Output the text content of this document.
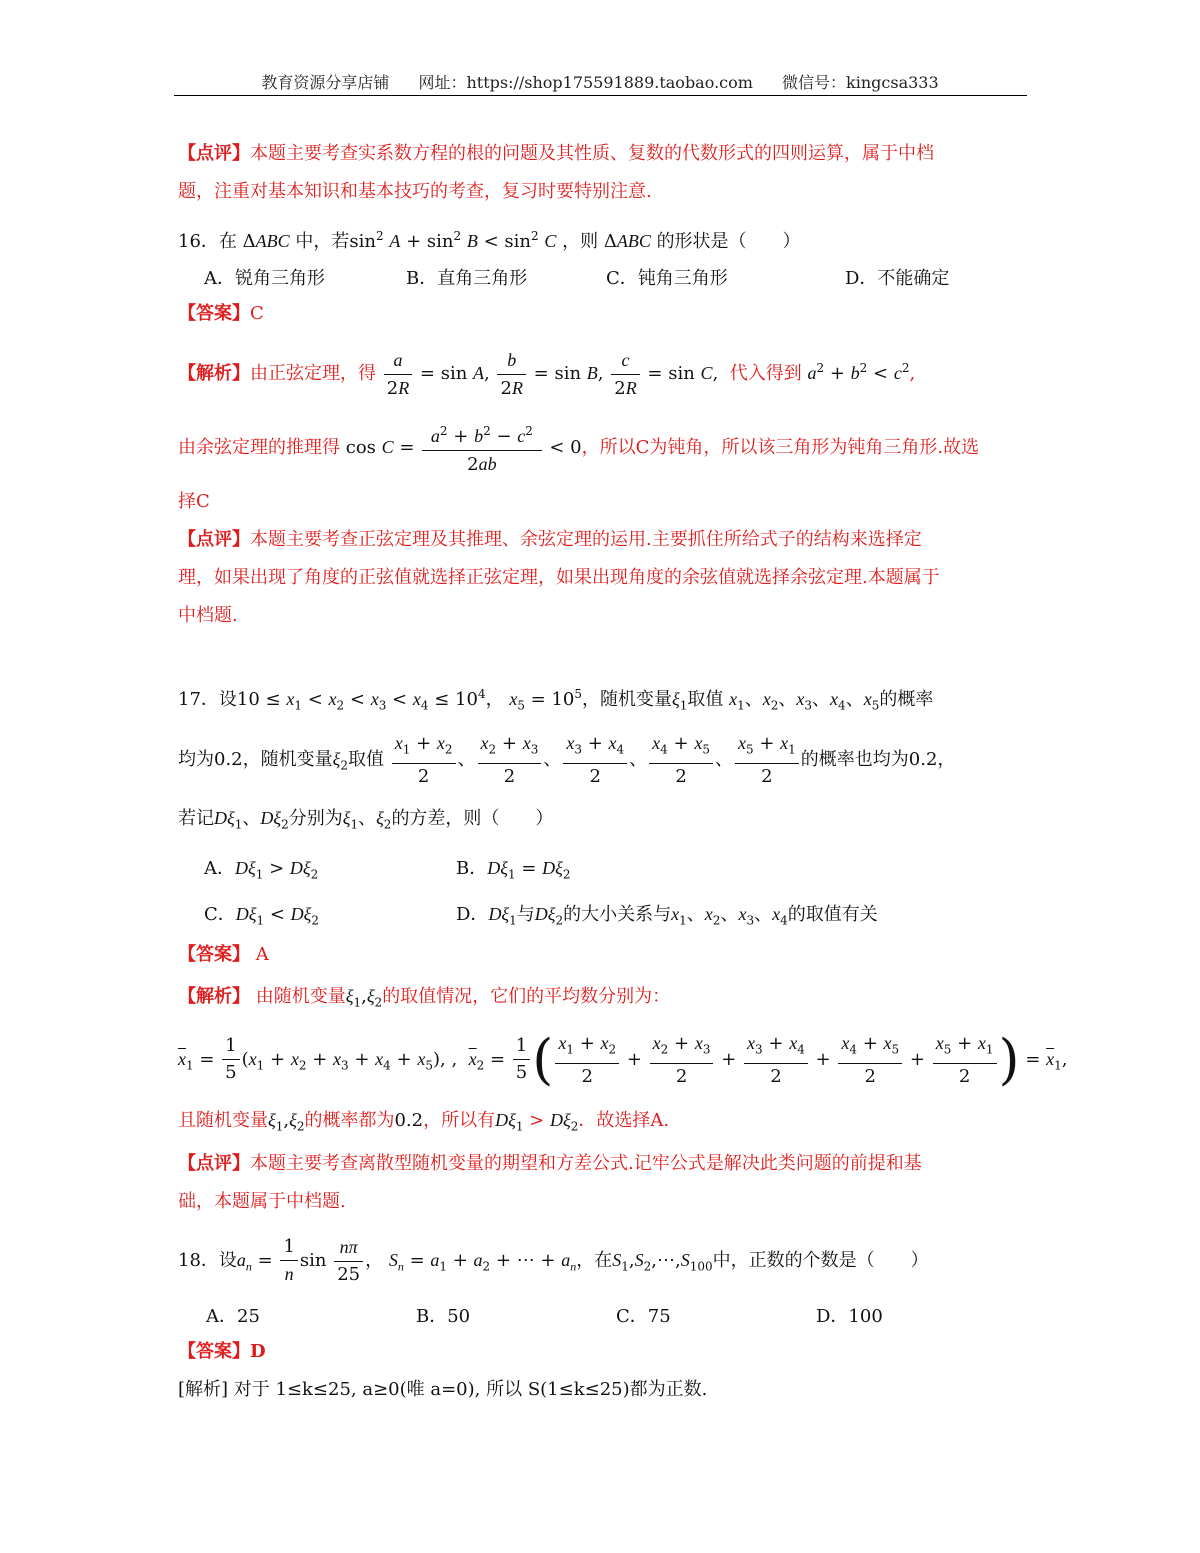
教育资源分享店铺 网址：https://shop175591889.taobao.com 微信号：kingcsa333
【点评】本题主要考查实系数方程的根的问题及其性质、复数的代数形式的四则运算，属于中档
题，注重对基本知识和基本技巧的考查，复习时要特别注意.
16．在 ΔABC 中，若$\sin^2 A + \sin^2 B < \sin^2 C$ ，则 ΔABC 的形状是（　　）
A．锐角三角形	B．直角三角形	C．钝角三角形	D．不能确定
【答案】C
【解析】由正弦定理，得 $\frac{a}{2R} = \sin A$, $\frac{b}{2R} = \sin B$, $\frac{c}{2R} = \sin C$,  代入得到 $a^2 + b^2 < c^2$,
由余弦定理的推理得 $\cos C = \frac{a^2 + b^2 - c^2}{2ab} < 0$，所以C为钝角，所以该三角形为钝角三角形.故选
择C
【点评】本题主要考查正弦定理及其推理、余弦定理的运用.主要抓住所给式子的结构来选择定
理，如果出现了角度的正弦值就选择正弦定理，如果出现角度的余弦值就选择余弦定理.本题属于
中档题.
17．设$10 \le x_1 < x_2 < x_3 < x_4 \le 10^4$， $x_5 = 10^5$，随机变量$\xi_1$取值 $x_1$、$x_2$、$x_3$、$x_4$、$x_5$的概率
均为0.2，随机变量$\xi_2$取值 $\frac{x_1 + x_2}{2}$ 、 $\frac{x_2 + x_3}{2}$ 、 $\frac{x_3 + x_4}{2}$ 、 $\frac{x_4 + x_5}{2}$ 、 $\frac{x_5 + x_1}{2}$ 的概率也均为0.2，
若记$D\xi_1$、$D\xi_2$分别为$\xi_1$、$\xi_2$的方差，则（　　）
A．$D\xi_1 > D\xi_2$	B．$D\xi_1 = D\xi_2$
C．$D\xi_1 < D\xi_2$	D．$D\xi_1$与$D\xi_2$的大小关系与$x_1$、$x_2$、$x_3$、$x_4$的取值有关
【答案】 A
【解析】 由随机变量$\xi_1,\xi_2$的取值情况，它们的平均数分别为：
$\overline{x}_1 = \frac{1}{5} (x_1 + x_2 + x_3 + x_4 + x_5)$, ,  $\overline{x}_2 = \frac{1}{5}$ ( $\frac{x_1 + x_2}{2} + \frac{x_2 + x_3}{2} + \frac{x_3 + x_4}{2} + \frac{x_4 + x_5}{2} + \frac{x_5 + x_1}{2}$ ) = $\overline{x}_1$,
且随机变量$\xi_1,\xi_2$的概率都为0.2，所以有$D\xi_1 > D\xi_2$．故选择A.
【点评】本题主要考查离散型随机变量的期望和方差公式.记牢公式是解决此类问题的前提和基
础，本题属于中档题.
18．设$a_n = \frac{1}{n}$ $\sin \frac{n\pi}{25}$ ， $S_n = a_1 + a_2$ + ⋯ + $a_n$，在$S_1,S_2,\cdots,S_{100}$中，正数的个数是（　　）
A．25	B．50	C．75	D．100
【答案】D
[解析] 对于 1≤k≤25, a≥0(唯 a=0), 所以 S(1≤k≤25)都为正数.
